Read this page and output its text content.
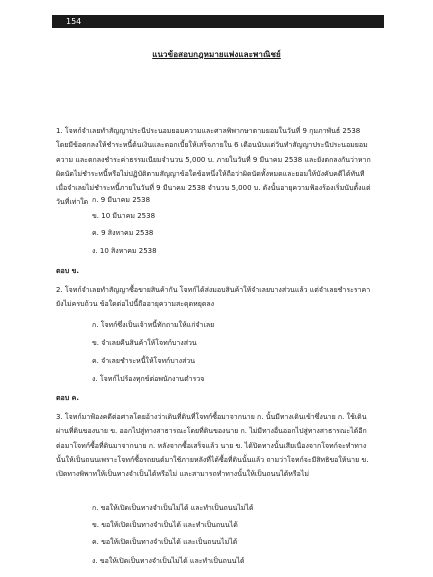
154
แนวข้อสอบกฎหมายแพ่งและพาณิชย์
1. โจทก์จำเลยทำสัญญาประนีประนอมยอมความและศาลพิพากษาตามยอมในวันที่ 9 กุมภาพันธ์ 2538
โดยมีข้อตกลงให้ชำระหนี้ต้นเงินและดอกเบี้ยให้เสร็จภายใน 6 เดือนนับแต่วันทำสัญญาประนีประนอมยอม
ความ และตกลงชำระค่าธรรมเนียมจำนวน 5,000 บ. ภายในวันที่ 9 มีนาคม 2538 และยังตกลงกันว่าหาก
ผิดนัดไม่ชำระหนี้หรือไม่ปฏิบัติตามสัญญาข้อใดข้อหนึ่งให้ถือว่าผิดนัดทั้งหมดและยอมให้บังคับคดีได้ทันที
เมื่อจำเลยไม่ชำระหนี้ภายในวันที่ 9 มีนาคม 2538 จำนวน 5,000 บ. ดังนั้นอายุความฟ้องร้องเริ่มนับตั้งแต่
วันที่เท่าใด ก. 9 มีนาคม 2538
ข. 10 มีนาคม 2538
ค. 9 สิงหาคม 2538
ง. 10 สิงหาคม 2538
ตอบ ข.
2. โจทก์จำเลยทำสัญญาซื้อขายสินค้ากัน โจทก์ได้ส่งมอบสินค้าให้จำเลยบางส่วนแล้ว แต่จำเลยชำระราคา
ยังไม่ครบถ้วน ข้อใดต่อไปนี้ถืออายุความสะดุดหยุดลง
ก. โจทก์ซึ่งเป็นเจ้าหนี้ทักถามให้แก่จำเลย
ข. จำเลยคืนสินค้าให้โจทก์บางส่วน
ค. จำเลยชำระหนี้ให้โจทก์บางส่วน
ง. โจทก์ไปร้องทุกข์ต่อพนักงานตำรวจ
ตอบ ค.
3. โจทก์มาฟ้องคดีต่อศาลโดยอ้างว่าเดินที่ดินที่โจทก์ซื้อมาจากนาย ก. นั้นมีทางเดินเข้าซึ่งนาย ก. ใช้เดิน
ผ่านที่ดินของนาย ข. ออกไปสู่ทางสาธารณะโดยที่ดินของนาย ก. ไม่มีทางอื่นออกไปสู่ทางสาธารณะได้อีก
ต่อมาโจทก์ซื้อที่ดินมาจากนาย ก. หลังจากซื้อเสร็จแล้ว นาย ข. ได้ปิดทางนั้นเสียเนื่องจากโจทก์จะทำทาง
นั้นให้เป็นถนนเพราะโจทก์ซื้อรถยนต์มาใช้ภายหลังที่ได้ซื้อที่ดินนั้นแล้ว ถามว่าโจทก์จะมีสิทธิขอให้นาย ข.
เปิดทางพิพาทให้เป็นทางจำเป็นได้หรือไม่ และสามารถทำทางนั้นให้เป็นถนนได้หรือไม่
ก. ขอให้เปิดเป็นทางจำเป็นไม่ได้ และทำเป็นถนนไม่ได้
ข. ขอให้เปิดเป็นทางจำเป็นได้ และทำเป็นถนนได้
ค. ขอให้เปิดเป็นทางจำเป็นได้ และเป็นถนนไม่ได้
ง. ขอให้เปิดเป็นทางจำเป็นไม่ได้ และทำเป็นถนนได้
